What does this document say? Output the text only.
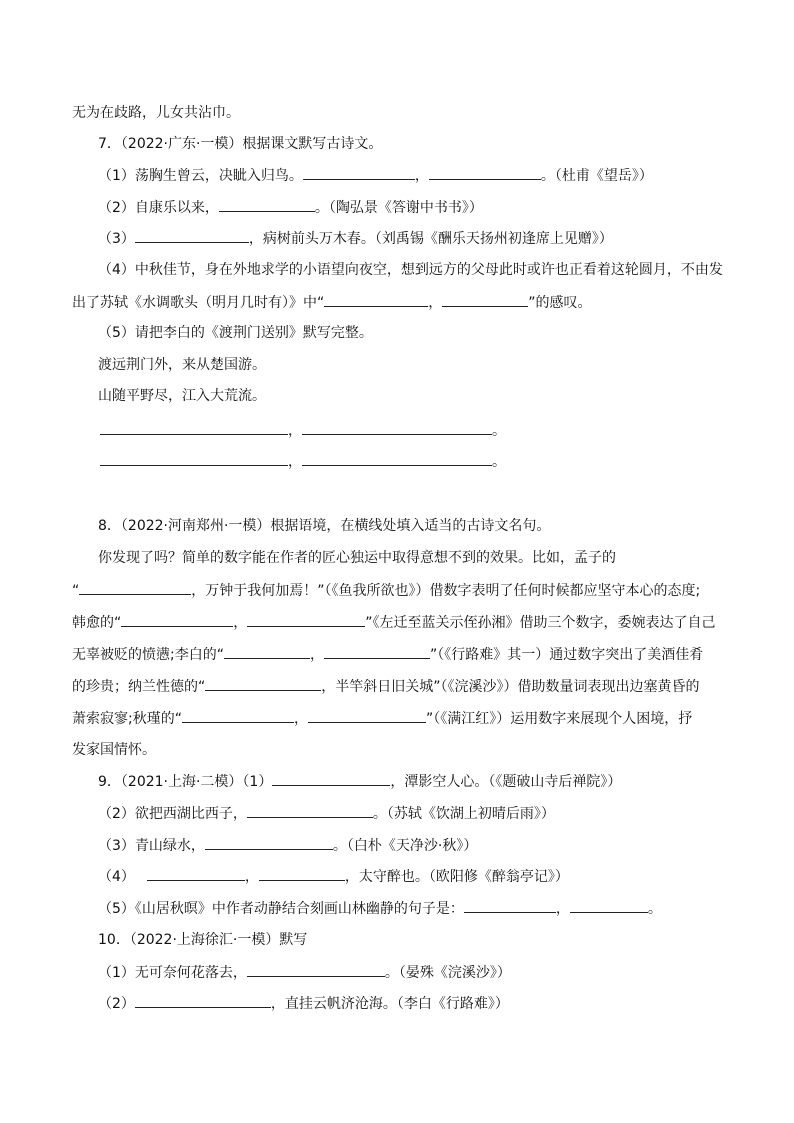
无为在歧路，儿女共沾巾。
7．（2022·广东·一模）根据课文默写古诗文。
（1）荡胸生曾云，决眦入归鸟。	，	。（杜甫《望岳》）
（2）自康乐以来，	。（陶弘景《答谢中书书》）
（3）	，病树前头万木春。（刘禹锡《酬乐天扬州初逢席上见赠》）
（4）中秋佳节，身在外地求学的小语望向夜空，想到远方的父母此时或许也正看着这轮圆月，不由发
出了苏轼《水调歌头（明月几时有）》中“	，	”的感叹。
（5）请把李白的《渡荆门送别》默写完整。
渡远荆门外，来从楚国游。
山随平野尽，江入大荒流。
，	。
，	。
8．（2022·河南郑州·一模）根据语境，在横线处填入适当的古诗文名句。
你发现了吗？简单的数字能在作者的匠心独运中取得意想不到的效果。比如，孟子的
“	，万钟于我何加焉！”（《鱼我所欲也》）借数字表明了任何时候都应坚守本心的态度;
韩愈的“	，	”《左迁至蓝关示侄孙湘》借助三个数字，委婉表达了自己
无辜被贬的愤懑;李白的“	，	”（《行路难》其一）通过数字突出了美酒佳肴
的珍贵；纳兰性德的“	，半竿斜日旧关城”（《浣溪沙》）借助数量词表现出边塞黄昏的
萧索寂寥;秋瑾的“	，	”（《满江红》）运用数字来展现个人困境，抒
发家国情怀。
9．（2021·上海·二模）（1）	，潭影空人心。（《题破山寺后禅院》）
（2）欲把西湖比西子，	。（苏轼《饮湖上初晴后雨》）
（3）青山绿水，	。（白朴《天净沙·秋》）
（4）	，	，太守醉也。（欧阳修《醉翁亭记》）
（5）《山居秋暝》中作者动静结合刻画山林幽静的句子是：	，	。
10．（2022·上海徐汇·一模）默写
（1）无可奈何花落去，	。（晏殊《浣溪沙》）
（2）	，直挂云帆济沧海。（李白《行路难》）
